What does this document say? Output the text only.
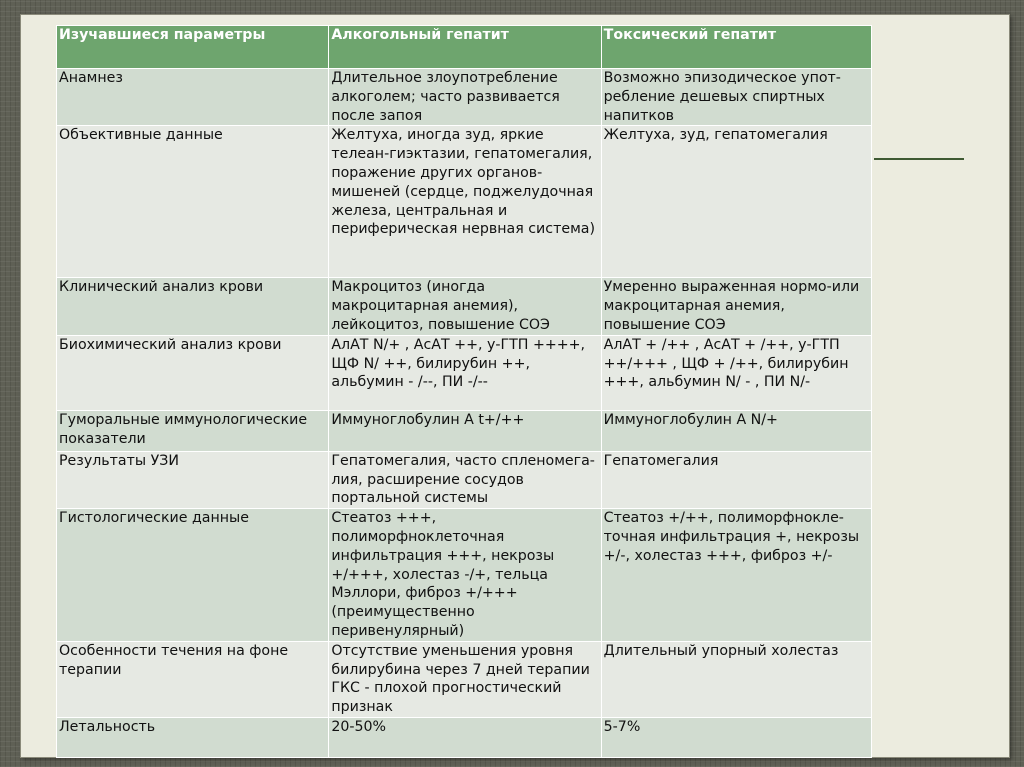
Изучавшиеся параметры	Алкогольный гепатит	Токсический гепатит
Анамнез	Длительное злоупотребление алкоголем; часто развивается после запоя	Возможно эпизодическое упот-ребление дешевых спиртных напитков
Объективные данные	Желтуха, иногда зуд, яркие телеан-гиэктазии, гепатомегалия, поражение других органов-мишеней (сердце, поджелудочная железа, центральная и периферическая нервная система)	Желтуха, зуд, гепатомегалия
Клинический анализ крови	Макроцитоз (иногда макроцитарная анемия), лейкоцитоз, повышение СОЭ	Умеренно выраженная нормо-или макроцитарная анемия, повышение СОЭ
Биохимический анализ крови	АлАТ N/+ , АсАТ ++, у-ГТП ++++, ЩФ N/ ++, билирубин ++, альбумин - /--, ПИ -/--	АлАТ + /++ , АсАТ + /++, у-ГТП ++/+++ , ЩФ + /++, билирубин +++, альбумин N/ - , ПИ N/-
Гуморальные иммунологические показатели	Иммуноглобулин А t+/++	Иммуноглобулин А N/+
Результаты УЗИ	Гепатомегалия, часто спленомега-лия, расширение сосудов портальной системы	Гепатомегалия
Гистологические данные	Стеатоз +++, полиморфноклеточная инфильтрация +++, некрозы +/+++, холестаз -/+, тельца Мэллори, фиброз +/+++ (преимущественно перивенулярный)	Стеатоз +/++, полиморфнокле-точная инфильтрация +, некрозы +/-, холестаз +++, фиброз +/-
Особенности течения на фоне терапии	Отсутствие уменьшения уровня билирубина через 7 дней терапии ГКС - плохой прогностический признак	Длительный упорный холестаз
Летальность	20-50%	5-7%
